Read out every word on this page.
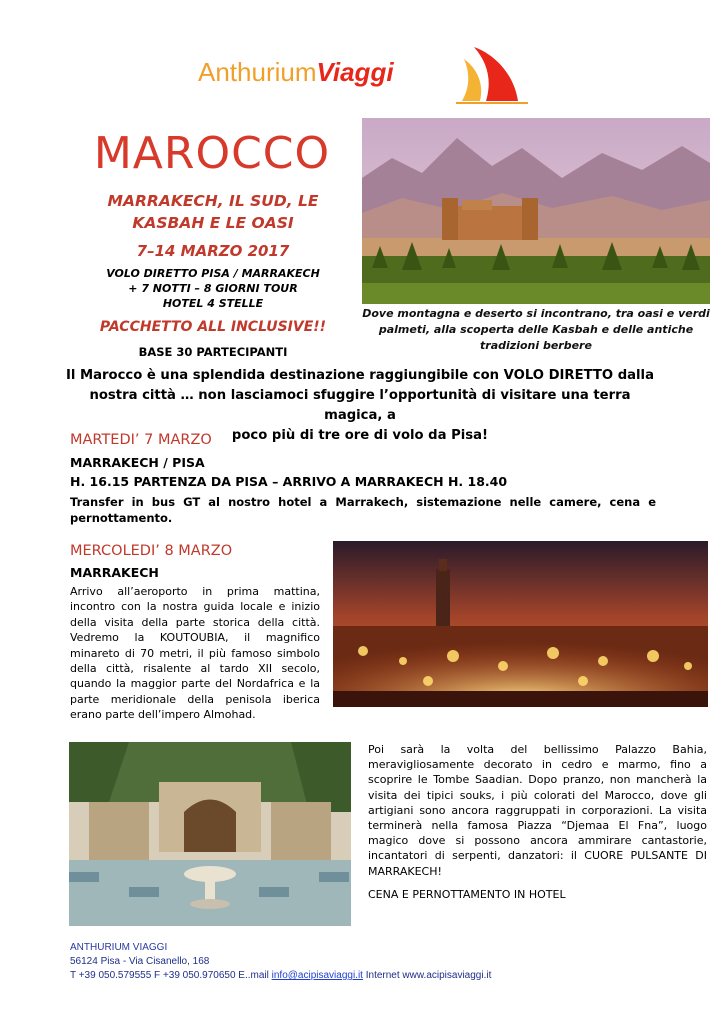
AnthuriumViaggi
MAROCCO
MARRAKECH, IL SUD, LE
KASBAH E LE OASI
7–14 MARZO 2017
VOLO DIRETTO PISA / MARRAKECH
+ 7 NOTTI – 8 GIORNI TOUR
HOTEL 4 STELLE
PACCHETTO ALL INCLUSIVE!!
BASE 30 PARTECIPANTI
Dove montagna e deserto si incontrano, tra oasi e verdi
palmeti, alla scoperta delle Kasbah e delle antiche
tradizioni berbere
Il Marocco è una splendida destinazione raggiungibile con VOLO DIRETTO dalla
nostra città … non lasciamoci sfuggire l’opportunità di visitare una terra magica, a
poco più di tre ore di volo da Pisa!
MARTEDI’ 7 MARZO
MARRAKECH / PISA
H. 16.15 PARTENZA DA PISA – ARRIVO A MARRAKECH H. 18.40
Transfer in bus GT al nostro hotel a Marrakech, sistemazione nelle camere, cena e pernottamento.
MERCOLEDI’ 8 MARZO
MARRAKECH
Arrivo all’aeroporto in prima mattina, incontro con la nostra guida locale e inizio della visita della parte storica della città. Vedremo la KOUTOUBIA, il magnifico minareto di 70 metri, il più famoso simbolo della città, risalente al tardo XII secolo, quando la maggior parte del Nordafrica e la parte meridionale della penisola iberica erano parte dell’impero Almohad.
Poi sarà la volta del bellissimo Palazzo Bahia, meravigliosamente decorato in cedro e marmo, fino a scoprire le Tombe Saadian. Dopo pranzo, non mancherà la visita dei tipici souks, i più colorati del Marocco, dove gli artigiani sono ancora raggruppati in corporazioni. La visita terminerà nella famosa Piazza “Djemaa El Fna”, luogo magico dove si possono ancora ammirare cantastorie, incantatori di serpenti, danzatori: il CUORE PULSANTE DI MARRAKECH!
CENA E PERNOTTAMENTO IN HOTEL
ANTHURIUM VIAGGI
56124 Pisa - Via Cisanello, 168
T +39 050.579555 F +39 050.970650 E..mail info@acipisaviaggi.it Internet www.acipisaviaggi.it
